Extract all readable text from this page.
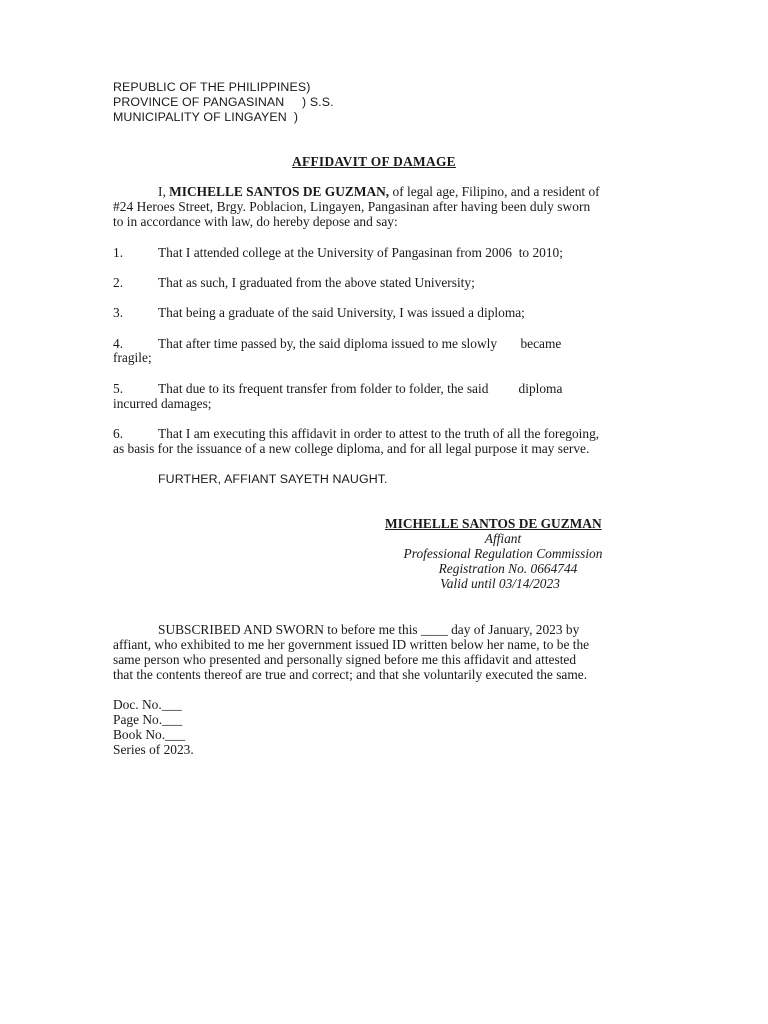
REPUBLIC OF THE PHILIPPINES)
PROVINCE OF PANGASINAN     ) S.S.
MUNICIPALITY OF LINGAYEN  )
AFFIDAVIT OF DAMAGE
I, MICHELLE SANTOS DE GUZMAN, of legal age, Filipino, and a resident of
#24 Heroes Street, Brgy. Poblacion, Lingayen, Pangasinan after having been duly sworn
to in accordance with law, do hereby depose and say:
1.	That I attended college at the University of Pangasinan from 2006  to 2010;
2.	That as such, I graduated from the above stated University;
3.	That being a graduate of the said University, I was issued a diploma;
4.	That after time passed by, the said diploma issued to me slowly       became
fragile;
5.	That due to its frequent transfer from folder to folder, the said         diploma
incurred damages;
6.	That I am executing this affidavit in order to attest to the truth of all the foregoing,
as basis for the issuance of a new college diploma, and for all legal purpose it may serve.
FURTHER, AFFIANT SAYETH NAUGHT.
MICHELLE SANTOS DE GUZMAN
Affiant
Professional Regulation Commission
Registration No. 0664744
Valid until 03/14/2023
SUBSCRIBED AND SWORN to before me this ____ day of January, 2023 by
affiant, who exhibited to me her government issued ID written below her name, to be the
same person who presented and personally signed before me this affidavit and attested
that the contents thereof are true and correct; and that she voluntarily executed the same.
Doc. No.___
Page No.___
Book No.___
Series of 2023.
